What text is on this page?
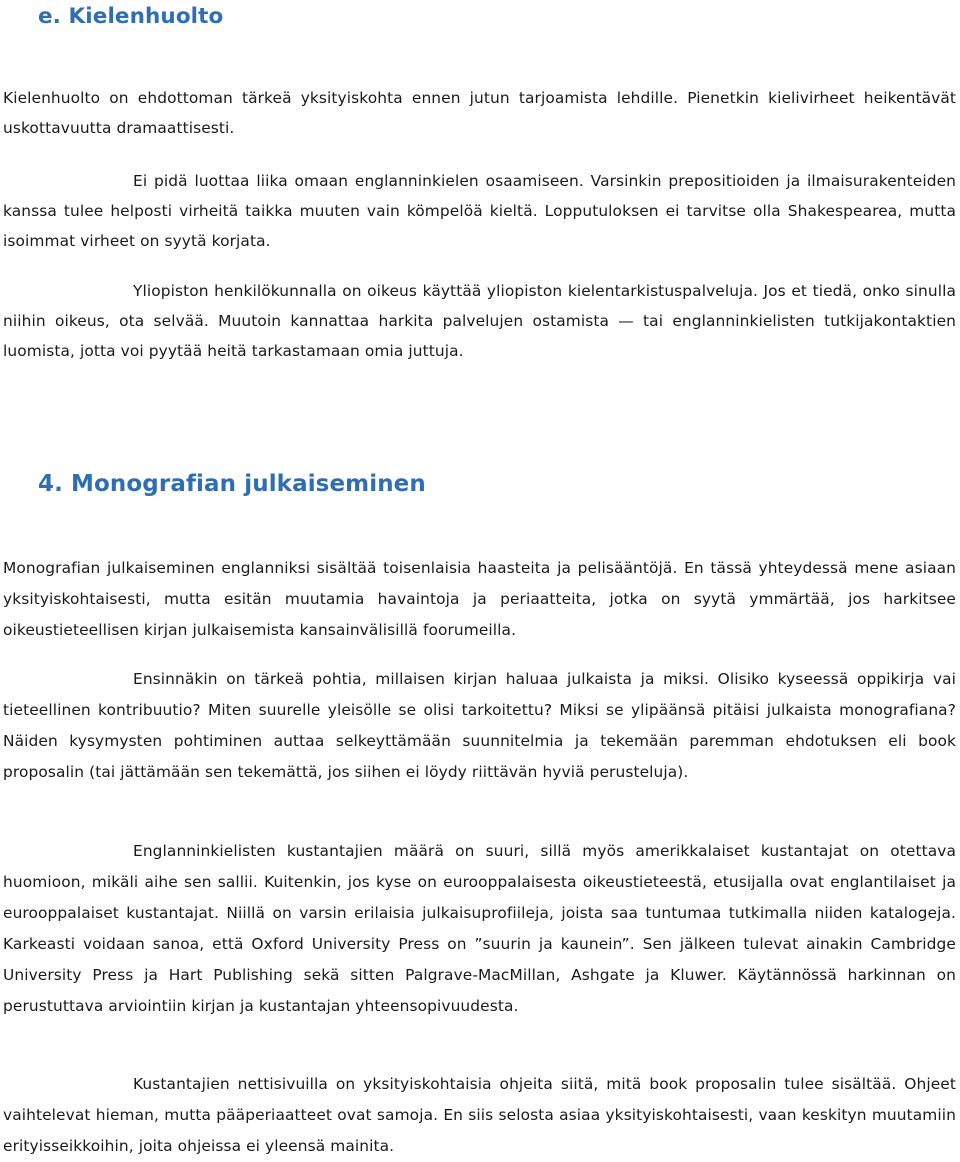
e. Kielenhuolto

Kielenhuolto on ehdottoman tärkeä yksityiskohta ennen jutun tarjoamista lehdille. Pienetkin kielivirheet heikentävät uskottavuutta dramaattisesti.

Ei pidä luottaa liika omaan englanninkielen osaamiseen. Varsinkin prepositioiden ja ilmaisurakenteiden kanssa tulee helposti virheitä taikka muuten vain kömpelöä kieltä. Lopputuloksen ei tarvitse olla Shakespearea, mutta isoimmat virheet on syytä korjata.

Yliopiston henkilökunnalla on oikeus käyttää yliopiston kielentarkistuspalveluja. Jos et tiedä, onko sinulla niihin oikeus, ota selvää. Muutoin kannattaa harkita palvelujen ostamista — tai englanninkielisten tutkijakontaktien luomista, jotta voi pyytää heitä tarkastamaan omia juttuja.

4. Monografian julkaiseminen

Monografian julkaiseminen englanniksi sisältää toisenlaisia haasteita ja pelisääntöjä. En tässä yhteydessä mene asiaan yksityiskohtaisesti, mutta esitän muutamia havaintoja ja periaatteita, jotka on syytä ymmärtää, jos harkitsee oikeustieteellisen kirjan julkaisemista kansainvälisillä foorumeilla.

Ensinnäkin on tärkeä pohtia, millaisen kirjan haluaa julkaista ja miksi. Olisiko kyseessä oppikirja vai tieteellinen kontribuutio? Miten suurelle yleisölle se olisi tarkoitettu? Miksi se ylipäänsä pitäisi julkaista monografiana? Näiden kysymysten pohtiminen auttaa selkeyttämään suunnitelmia ja tekemään paremman ehdotuksen eli book proposalin (tai jättämään sen tekemättä, jos siihen ei löydy riittävän hyviä perusteluja).

Englanninkielisten kustantajien määrä on suuri, sillä myös amerikkalaiset kustantajat on otettava huomioon, mikäli aihe sen sallii. Kuitenkin, jos kyse on eurooppalaisesta oikeustieteestä, etusijalla ovat englantilaiset ja eurooppalaiset kustantajat. Niillä on varsin erilaisia julkaisuprofiileja, joista saa tuntumaa tutkimalla niiden katalogeja. Karkeasti voidaan sanoa, että Oxford University Press on ”suurin ja kaunein”. Sen jälkeen tulevat ainakin Cambridge University Press ja Hart Publishing sekä sitten Palgrave-MacMillan, Ashgate ja Kluwer. Käytännössä harkinnan on perustuttava arviointiin kirjan ja kustantajan yhteensopivuudesta.

Kustantajien nettisivuilla on yksityiskohtaisia ohjeita siitä, mitä book proposalin tulee sisältää. Ohjeet vaihtelevat hieman, mutta pääperiaatteet ovat samoja. En siis selosta asiaa yksityiskohtaisesti, vaan keskityn muutamiin erityisseikkoihin, joita ohjeissa ei yleensä mainita.
